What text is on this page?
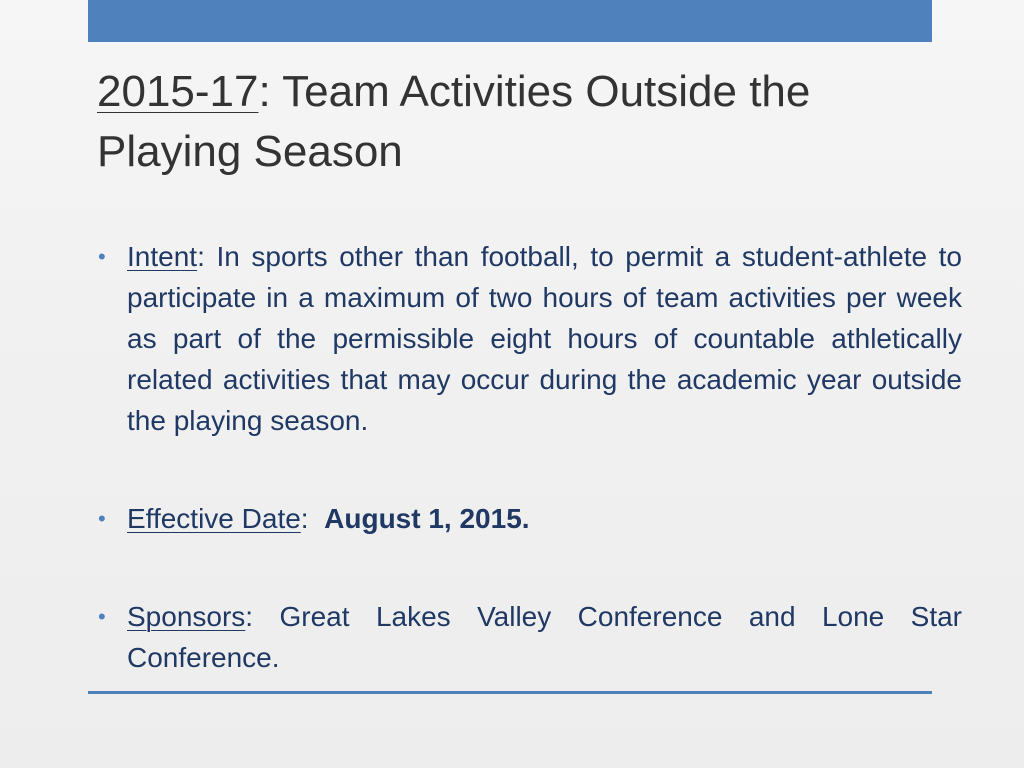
2015-17: Team Activities Outside the Playing Season
• Intent: In sports other than football, to permit a student-athlete to participate in a maximum of two hours of team activities per week as part of the permissible eight hours of countable athletically related activities that may occur during the academic year outside the playing season.
• Effective Date:  August 1, 2015.
• Sponsors: Great Lakes Valley Conference and Lone Star Conference.
